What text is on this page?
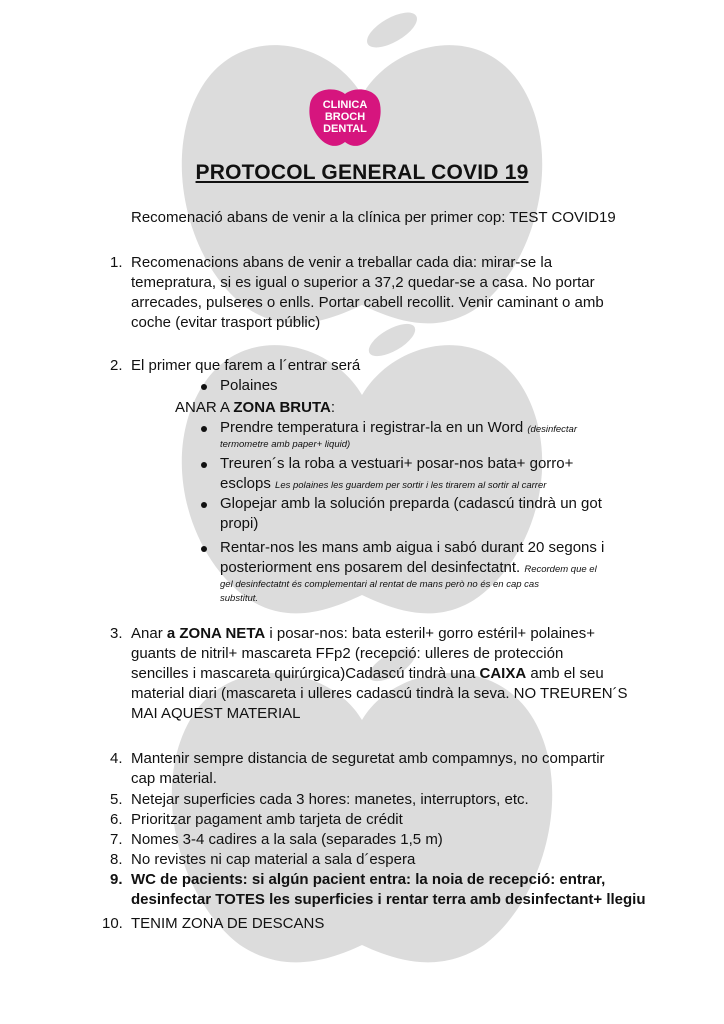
CLINICA
BROCH
DENTAL
PROTOCOL GENERAL COVID 19
Recomenació abans de venir a la clínica per primer cop: TEST COVID19
1. Recomenacions abans de venir a treballar cada dia: mirar-se la
temepratura, si es igual o superior a 37,2 quedar-se a casa. No portar
arrecades, pulseres o enlls. Portar cabell recollit. Venir caminant o amb
coche (evitar trasport públic)
2. El primer que farem a l´entrar será
Polaines
ANAR A ZONA BRUTA:
Prendre temperatura i registrar-la en un Word (desinfectar
termometre amb paper+ liquid)
Treuren´s la roba a vestuari+ posar-nos bata+ gorro+
esclops Les polaines les guardem per sortir i les tirarem al sortir al carrer
Glopejar amb la solución preparda (cadascú tindrà un got
propi)
Rentar-nos les mans amb aigua i sabó durant 20 segons i
posteriorment ens posarem del desinfectatnt. Recordem que el
gel desinfectatnt és complementari al rentat de mans però no és en cap cas
substitut.
3. Anar a ZONA NETA i posar-nos: bata esteril+ gorro estéril+ polaines+
guants de nitril+ mascareta FFp2 (recepció: ulleres de protección
sencilles i mascareta quirúrgica)Cadascú tindrà una CAIXA amb el seu
material diari (mascareta i ulleres cadascú tindrà la seva. NO TREUREN´S
MAI AQUEST MATERIAL
4. Mantenir sempre distancia de seguretat amb compamnys, no compartir
cap material.
5. Netejar superficies cada 3 hores: manetes, interruptors, etc.
6. Prioritzar pagament amb tarjeta de crédit
7. Nomes 3-4 cadires a la sala (separades 1,5 m)
8. No revistes ni cap material a sala d´espera
9. WC de pacients: si algún pacient entra: la noia de recepció: entrar,
desinfectar TOTES les superficies i rentar terra amb desinfectant+ llegiu
10. TENIM ZONA DE DESCANS
